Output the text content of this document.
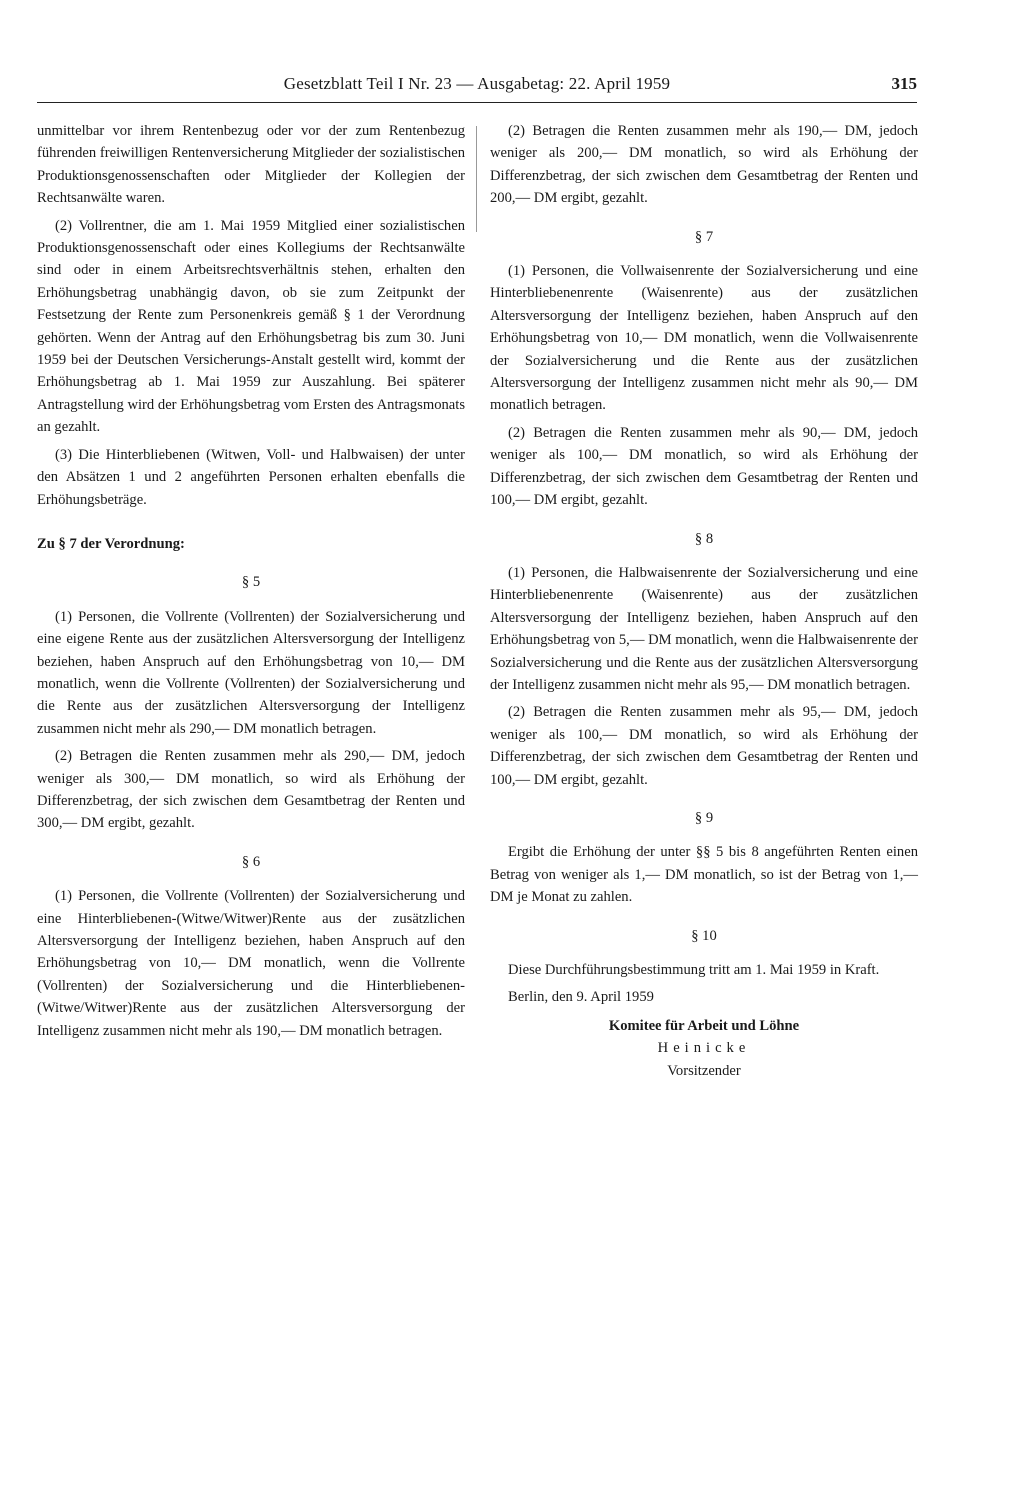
Gesetzblatt Teil I Nr. 23 — Ausgabetag: 22. April 1959	315

unmittelbar vor ihrem Rentenbezug oder vor der zum Rentenbezug führenden freiwilligen Rentenversicherung Mitglieder der sozialistischen Produktionsgenossenschaften oder Mitglieder der Kollegien der Rechtsanwälte waren.

(2) Vollrentner, die am 1. Mai 1959 Mitglied einer sozialistischen Produktionsgenossenschaft oder eines Kollegiums der Rechtsanwälte sind oder in einem Arbeitsrechtsverhältnis stehen, erhalten den Erhöhungsbetrag unabhängig davon, ob sie zum Zeitpunkt der Festsetzung der Rente zum Personenkreis gemäß § 1 der Verordnung gehörten. Wenn der Antrag auf den Erhöhungsbetrag bis zum 30. Juni 1959 bei der Deutschen Versicherungs-Anstalt gestellt wird, kommt der Erhöhungsbetrag ab 1. Mai 1959 zur Auszahlung. Bei späterer Antragstellung wird der Erhöhungsbetrag vom Ersten des Antragsmonats an gezahlt.

(3) Die Hinterbliebenen (Witwen, Voll- und Halbwaisen) der unter den Absätzen 1 und 2 angeführten Personen erhalten ebenfalls die Erhöhungsbeträge.

Zu § 7 der Verordnung:
§ 5

(1) Personen, die Vollrente (Vollrenten) der Sozialversicherung und eine eigene Rente aus der zusätzlichen Altersversorgung der Intelligenz beziehen, haben Anspruch auf den Erhöhungsbetrag von 10,— DM monatlich, wenn die Vollrente (Vollrenten) der Sozialversicherung und die Rente aus der zusätzlichen Altersversorgung der Intelligenz zusammen nicht mehr als 290,— DM monatlich betragen.

(2) Betragen die Renten zusammen mehr als 290,— DM, jedoch weniger als 300,— DM monatlich, so wird als Erhöhung der Differenzbetrag, der sich zwischen dem Gesamtbetrag der Renten und 300,— DM ergibt, gezahlt.

§ 6

(1) Personen, die Vollrente (Vollrenten) der Sozialversicherung und eine Hinterbliebenen-(Witwe/Witwer)Rente aus der zusätzlichen Altersversorgung der Intelligenz beziehen, haben Anspruch auf den Erhöhungsbetrag von 10,— DM monatlich, wenn die Vollrente (Vollrenten) der Sozialversicherung und die Hinterbliebenen-(Witwe/Witwer)Rente aus der zusätzlichen Altersversorgung der Intelligenz zusammen nicht mehr als 190,— DM monatlich betragen.

(2) Betragen die Renten zusammen mehr als 190,— DM, jedoch weniger als 200,— DM monatlich, so wird als Erhöhung der Differenzbetrag, der sich zwischen dem Gesamtbetrag der Renten und 200,— DM ergibt, gezahlt.

§ 7

(1) Personen, die Vollwaisenrente der Sozialversicherung und eine Hinterbliebenenrente (Waisenrente) aus der zusätzlichen Altersversorgung der Intelligenz beziehen, haben Anspruch auf den Erhöhungsbetrag von 10,— DM monatlich, wenn die Vollwaisenrente der Sozialversicherung und die Rente aus der zusätzlichen Altersversorgung der Intelligenz zusammen nicht mehr als 90,— DM monatlich betragen.

(2) Betragen die Renten zusammen mehr als 90,— DM, jedoch weniger als 100,— DM monatlich, so wird als Erhöhung der Differenzbetrag, der sich zwischen dem Gesamtbetrag der Renten und 100,— DM ergibt, gezahlt.

§ 8

(1) Personen, die Halbwaisenrente der Sozialversicherung und eine Hinterbliebenenrente (Waisenrente) aus der zusätzlichen Altersversorgung der Intelligenz beziehen, haben Anspruch auf den Erhöhungsbetrag von 5,— DM monatlich, wenn die Halbwaisenrente der Sozialversicherung und die Rente aus der zusätzlichen Altersversorgung der Intelligenz zusammen nicht mehr als 95,— DM monatlich betragen.

(2) Betragen die Renten zusammen mehr als 95,— DM, jedoch weniger als 100,— DM monatlich, so wird als Erhöhung der Differenzbetrag, der sich zwischen dem Gesamtbetrag der Renten und 100,— DM ergibt, gezahlt.

§ 9

Ergibt die Erhöhung der unter §§ 5 bis 8 angeführten Renten einen Betrag von weniger als 1,— DM monatlich, so ist der Betrag von 1,— DM je Monat zu zahlen.

§ 10

Diese Durchführungsbestimmung tritt am 1. Mai 1959 in Kraft.

Berlin, den 9. April 1959

Komitee für Arbeit und Löhne
Heinicke
Vorsitzender
